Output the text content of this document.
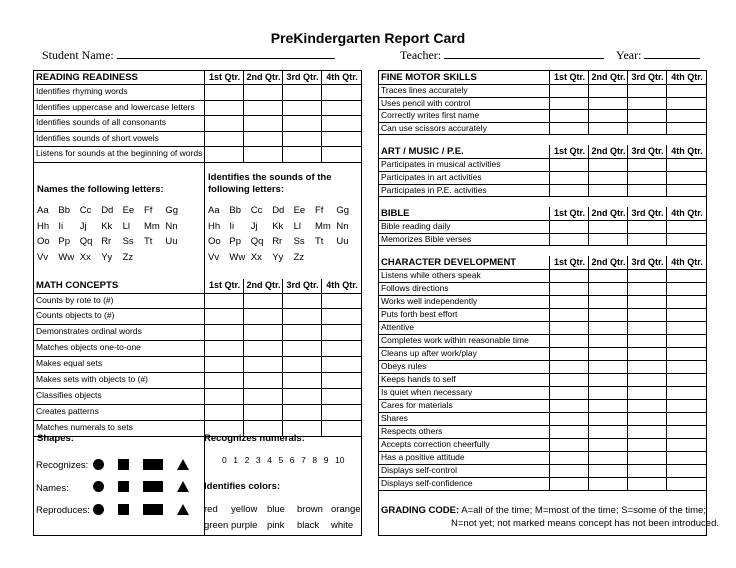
PreKindergarten Report Card
Student Name:	Teacher:	Year:
READING READINESS	1st Qtr. 2nd Qtr. 3rd Qtr. 4th Qtr.
Identifies rhyming words
Identifies uppercase and lowercase letters
Identifies sounds of all consonants
Identifies sounds of short vowels
Listens for sounds at the beginning of words
Names the following letters:
Identifies the sounds of the following letters:
Aa Bb Cc Dd Ee Ff Gg
Hh Ii Jj Kk Ll Mm Nn
Oo Pp Qq Rr Ss Tt Uu
Vv Ww Xx Yy Zz
Aa Bb Cc Dd Ee Ff Gg
Hh Ii Jj Kk Ll Mm Nn
Oo Pp Qq Rr Ss Tt Uu
Vv Ww Xx Yy Zz
MATH CONCEPTS	1st Qtr. 2nd Qtr. 3rd Qtr. 4th Qtr.
Counts by rote to (#)
Counts objects to (#)
Demonstrates ordinal words
Matches objects one-to-one
Makes equal sets
Makes sets with objects to (#)
Classifies objects
Creates patterns
Matches numerals to sets
Shapes:
Recognizes:
Names:
Reproduces:
Recognizes numerals:
0 1 2 3 4 5 6 7 8 9 10
Identifies colors:
red yellow blue brown orange
green purple pink black white
FINE MOTOR SKILLS	1st Qtr. 2nd Qtr. 3rd Qtr. 4th Qtr.
Traces lines accurately
Uses pencil with control
Correctly writes first name
Can use scissors accurately
ART / MUSIC / P.E.	1st Qtr. 2nd Qtr. 3rd Qtr. 4th Qtr.
Participates in musical activities
Participates in art activities
Participates in P.E. activities
BIBLE	1st Qtr. 2nd Qtr. 3rd Qtr. 4th Qtr.
Bible reading daily
Memorizes Bible verses
CHARACTER DEVELOPMENT	1st Qtr. 2nd Qtr. 3rd Qtr. 4th Qtr.
Listens while others speak
Follows directions
Works well independently
Puts forth best effort
Attentive
Completes work within reasonable time
Cleans up after work/play
Obeys rules
Keeps hands to self
Is quiet when necessary
Cares for materials
Shares
Respects others
Accepts correction cheerfully
Has a positive attitude
Displays self-control
Displays self-confidence
GRADING CODE: A=all of the time; M=most of the time; S=some of the time;
N=not yet; not marked means concept has not been introduced.
